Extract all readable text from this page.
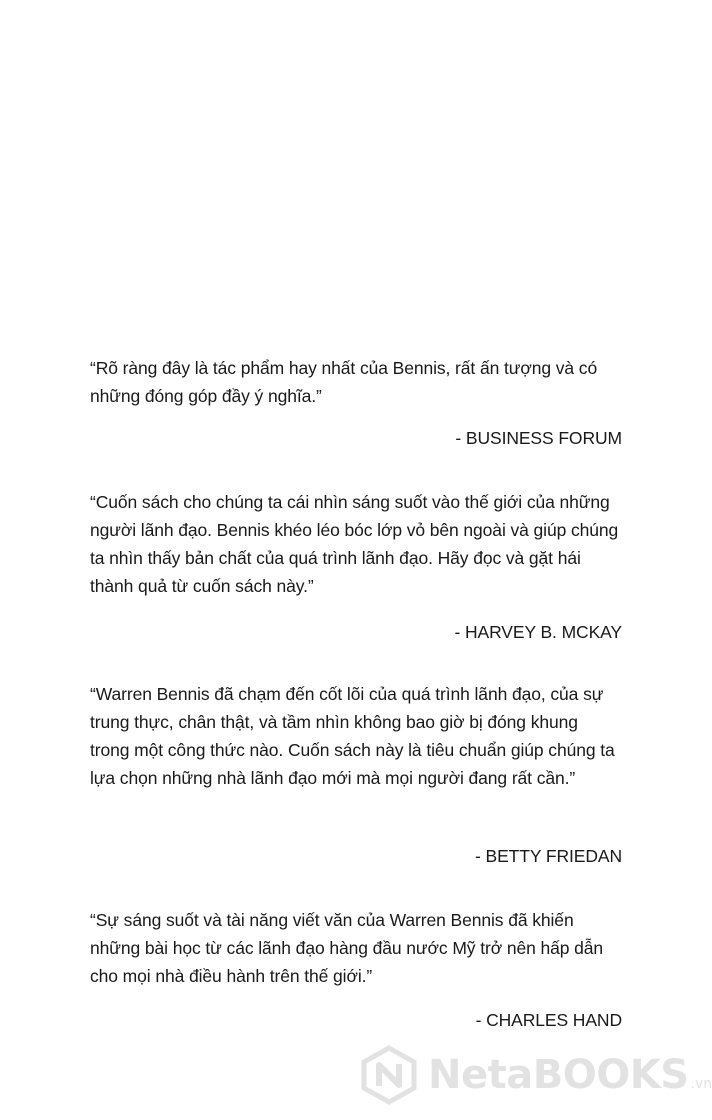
“Rõ ràng đây là tác phẩm hay nhất của Bennis, rất ấn tượng và có những đóng góp đầy ý nghĩa.”

- BUSINESS FORUM

“Cuốn sách cho chúng ta cái nhìn sáng suốt vào thế giới của những người lãnh đạo. Bennis khéo léo bóc lớp vỏ bên ngoài và giúp chúng ta nhìn thấy bản chất của quá trình lãnh đạo. Hãy đọc và gặt hái thành quả từ cuốn sách này.”

- HARVEY B. MCKAY

“Warren Bennis đã chạm đến cốt lõi của quá trình lãnh đạo, của sự trung thực, chân thật, và tầm nhìn không bao giờ bị đóng khung trong một công thức nào. Cuốn sách này là tiêu chuẩn giúp chúng ta lựa chọn những nhà lãnh đạo mới mà mọi người đang rất cần.”

- BETTY FRIEDAN

“Sự sáng suốt và tài năng viết văn của Warren Bennis đã khiến những bài học từ các lãnh đạo hàng đầu nước Mỹ trở nên hấp dẫn cho mọi nhà điều hành trên thế giới.”

- CHARLES HAND

NetaBOOKS .vn
